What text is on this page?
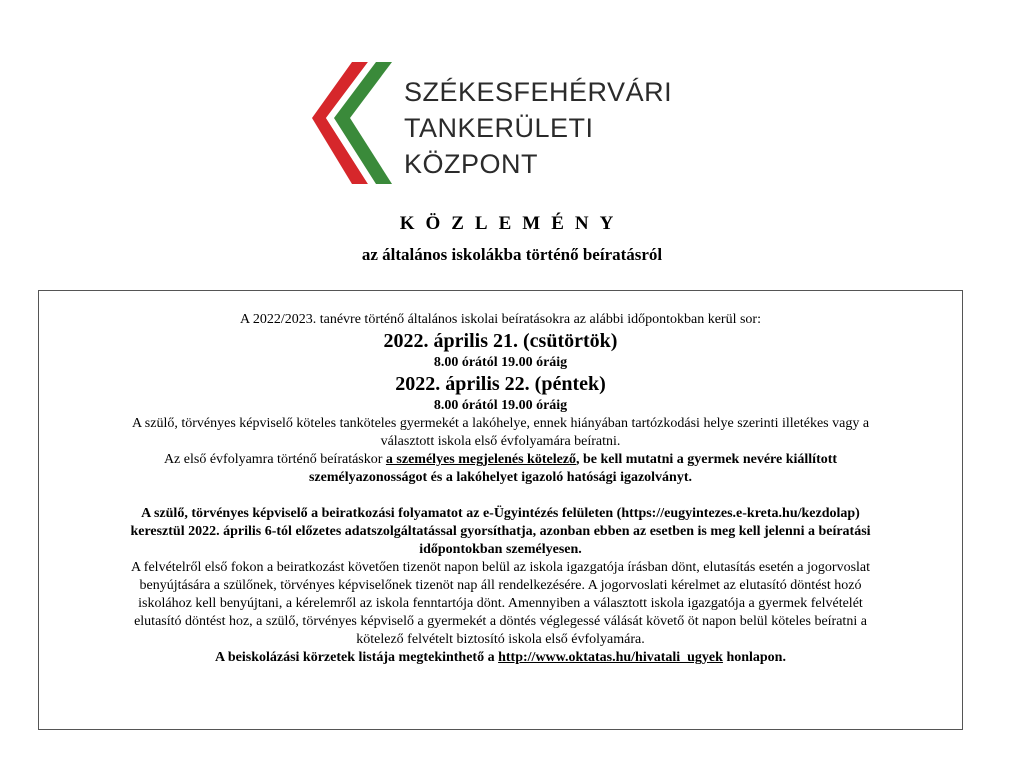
SZÉKESFEHÉRVÁRI
TANKERÜLETI
KÖZPONT
KÖZLEMÉNY
az általános iskolákba történő beíratásról

A 2022/2023. tanévre történő általános iskolai beíratásokra az alábbi időpontokban kerül sor:

2022. április 21. (csütörtök)

8.00 órától 19.00 óráig

2022. április 22. (péntek)

8.00 órától 19.00 óráig

A szülő, törvényes képviselő köteles tanköteles gyermekét a lakóhelye, ennek hiányában tartózkodási helye szerinti illetékes vagy a

választott iskola első évfolyamára beíratni.

Az első évfolyamra történő beíratáskor a személyes megjelenés kötelező, be kell mutatni a gyermek nevére kiállított

személyazonosságot és a lakóhelyet igazoló hatósági igazolványt.

A szülő, törvényes képviselő a beiratkozási folyamatot az e-Ügyintézés felületen (https://eugyintezes.e-kreta.hu/kezdolap)

keresztül 2022. április 6-tól előzetes adatszolgáltatással gyorsíthatja, azonban ebben az esetben is meg kell jelenni a beíratási

időpontokban személyesen.

A felvételről első fokon a beiratkozást követően tizenöt napon belül az iskola igazgatója írásban dönt, elutasítás esetén a jogorvoslat

benyújtására a szülőnek, törvényes képviselőnek tizenöt nap áll rendelkezésére. A jogorvoslati kérelmet az elutasító döntést hozó

iskolához kell benyújtani, a kérelemről az iskola fenntartója dönt. Amennyiben a választott iskola igazgatója a gyermek felvételét

elutasító döntést hoz, a szülő, törvényes képviselő a gyermekét a döntés véglegessé válását követő öt napon belül köteles beíratni a

kötelező felvételt biztosító iskola első évfolyamára.

A beiskolázási körzetek listája megtekinthető a http://www.oktatas.hu/hivatali_ugyek honlapon.
